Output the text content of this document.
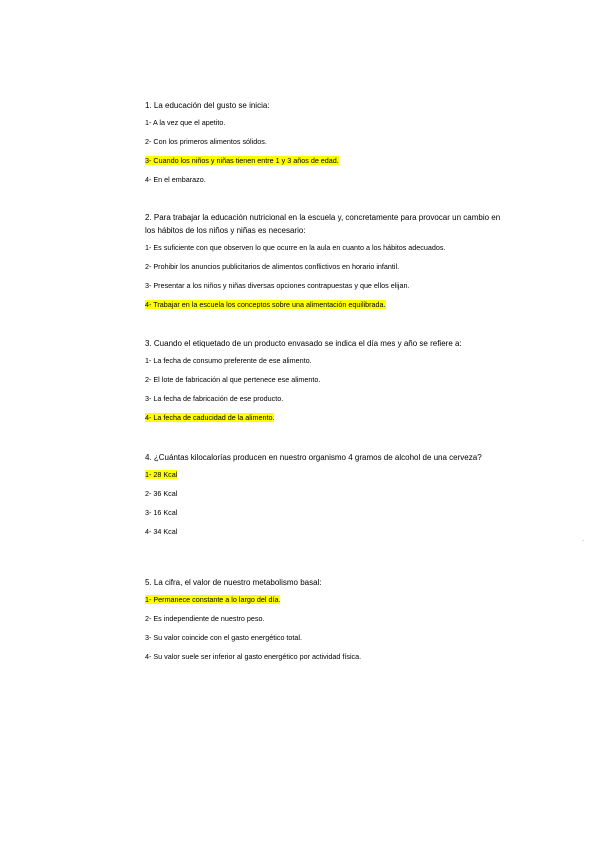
1. La educación del gusto se inicia:
1- A la vez que el apetito.
2- Con los primeros alimentos sólidos.
3- Cuando los niños y niñas tienen entre 1 y 3 años de edad.
4- En el embarazo.
2. Para trabajar la educación nutricional en la escuela y, concretamente para provocar un cambio en los hábitos de los niños y niñas es necesario:
1- Es suficiente con que observen lo que ocurre en la aula en cuanto a los hábitos adecuados.
2- Prohibir los anuncios publicitarios de alimentos conflictivos en horario infantil.
3- Presentar a los niños y niñas diversas opciones contrapuestas y que ellos elijan.
4- Trabajar en la escuela los conceptos sobre una alimentación equilibrada.
3. Cuando el etiquetado de un producto envasado se indica el día mes y año se refiere a:
1- La fecha de consumo preferente de ese alimento.
2- El lote de fabricación al que pertenece ese alimento.
3- La fecha de fabricación de ese producto.
4- La fecha de caducidad de la alimento.
4. ¿Cuántas kilocalorías producen en nuestro organismo 4 gramos de alcohol de una cerveza?
1- 28 Kcal
2- 36 Kcal
3- 16 Kcal
4- 34 Kcal
5. La cifra, el valor de nuestro metabolismo basal:
1- Permanece constante a lo largo del día.
2- Es independiente de nuestro peso.
3- Su valor coincide con el gasto energético total.
4- Su valor suele ser inferior al gasto energético por actividad física.
·
